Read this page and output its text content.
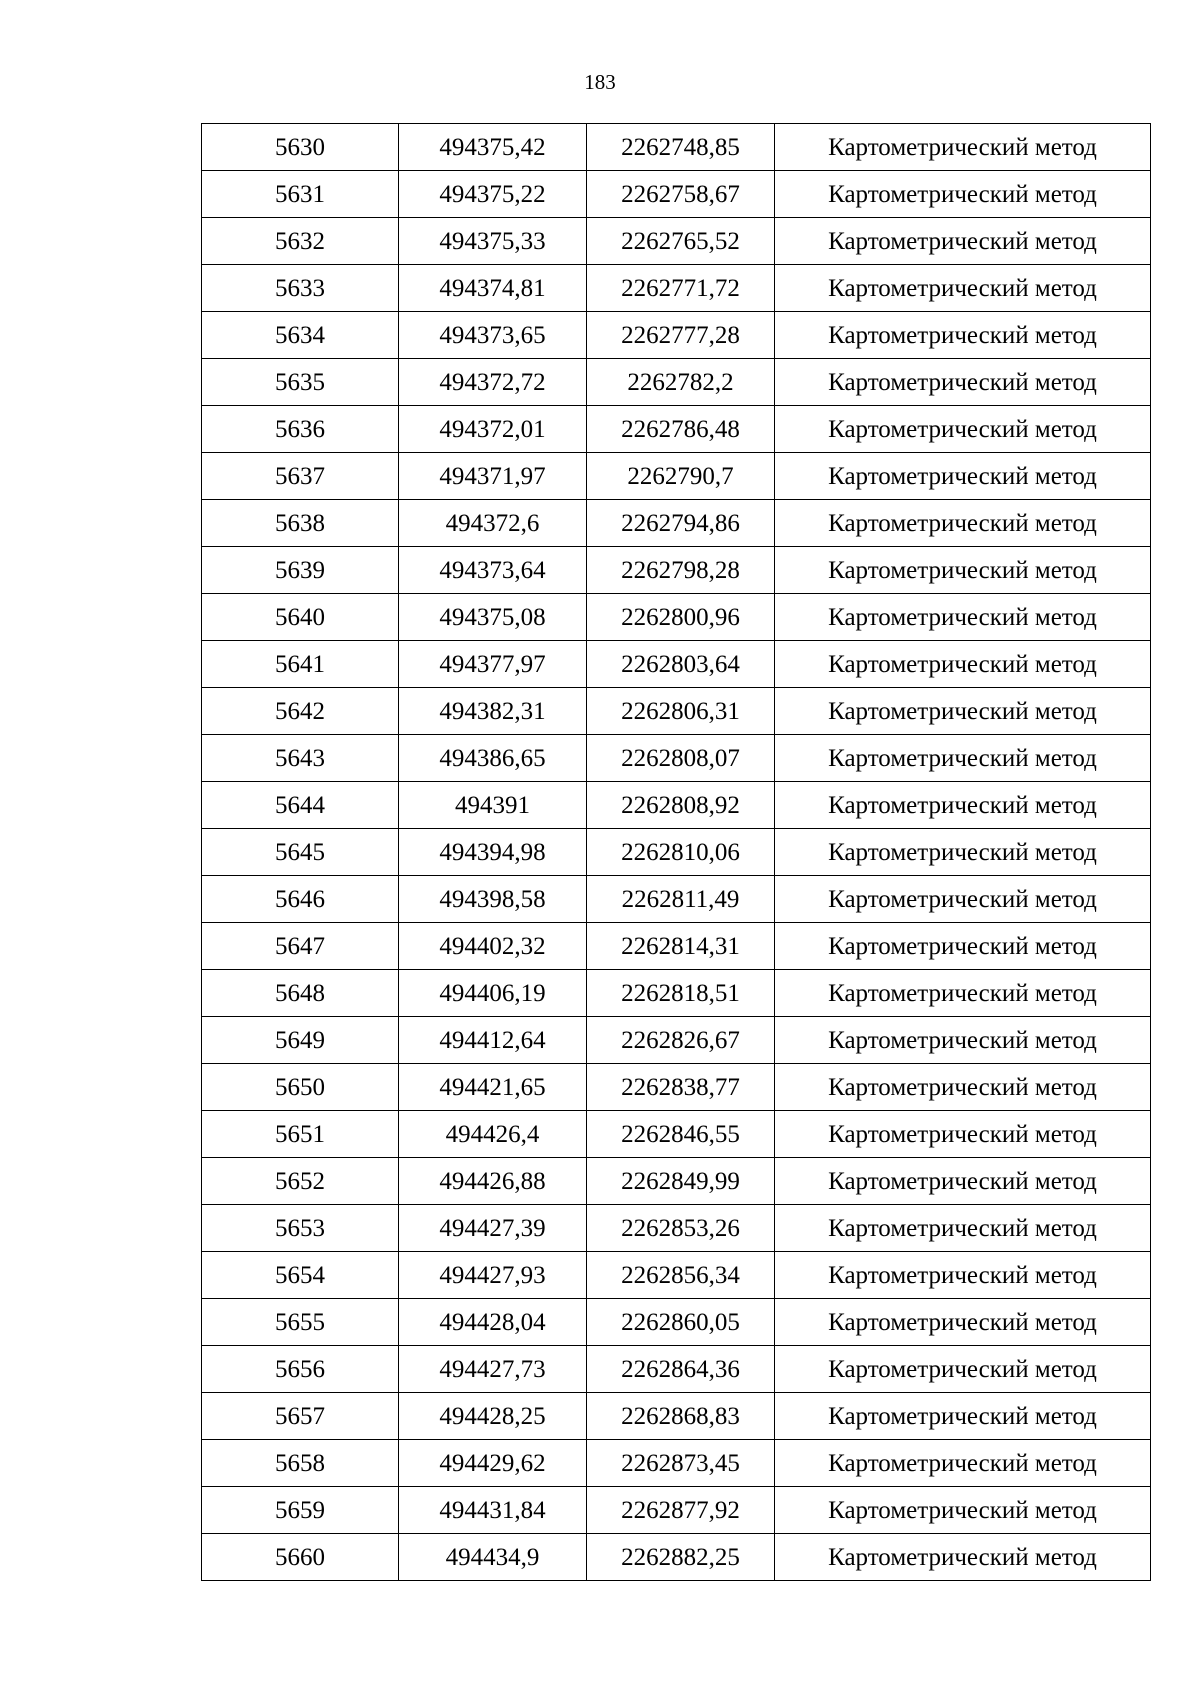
183
5630	494375,42	2262748,85	Картометрический метод
5631	494375,22	2262758,67	Картометрический метод
5632	494375,33	2262765,52	Картометрический метод
5633	494374,81	2262771,72	Картометрический метод
5634	494373,65	2262777,28	Картометрический метод
5635	494372,72	2262782,2	Картометрический метод
5636	494372,01	2262786,48	Картометрический метод
5637	494371,97	2262790,7	Картометрический метод
5638	494372,6	2262794,86	Картометрический метод
5639	494373,64	2262798,28	Картометрический метод
5640	494375,08	2262800,96	Картометрический метод
5641	494377,97	2262803,64	Картометрический метод
5642	494382,31	2262806,31	Картометрический метод
5643	494386,65	2262808,07	Картометрический метод
5644	494391	2262808,92	Картометрический метод
5645	494394,98	2262810,06	Картометрический метод
5646	494398,58	2262811,49	Картометрический метод
5647	494402,32	2262814,31	Картометрический метод
5648	494406,19	2262818,51	Картометрический метод
5649	494412,64	2262826,67	Картометрический метод
5650	494421,65	2262838,77	Картометрический метод
5651	494426,4	2262846,55	Картометрический метод
5652	494426,88	2262849,99	Картометрический метод
5653	494427,39	2262853,26	Картометрический метод
5654	494427,93	2262856,34	Картометрический метод
5655	494428,04	2262860,05	Картометрический метод
5656	494427,73	2262864,36	Картометрический метод
5657	494428,25	2262868,83	Картометрический метод
5658	494429,62	2262873,45	Картометрический метод
5659	494431,84	2262877,92	Картометрический метод
5660	494434,9	2262882,25	Картометрический метод
